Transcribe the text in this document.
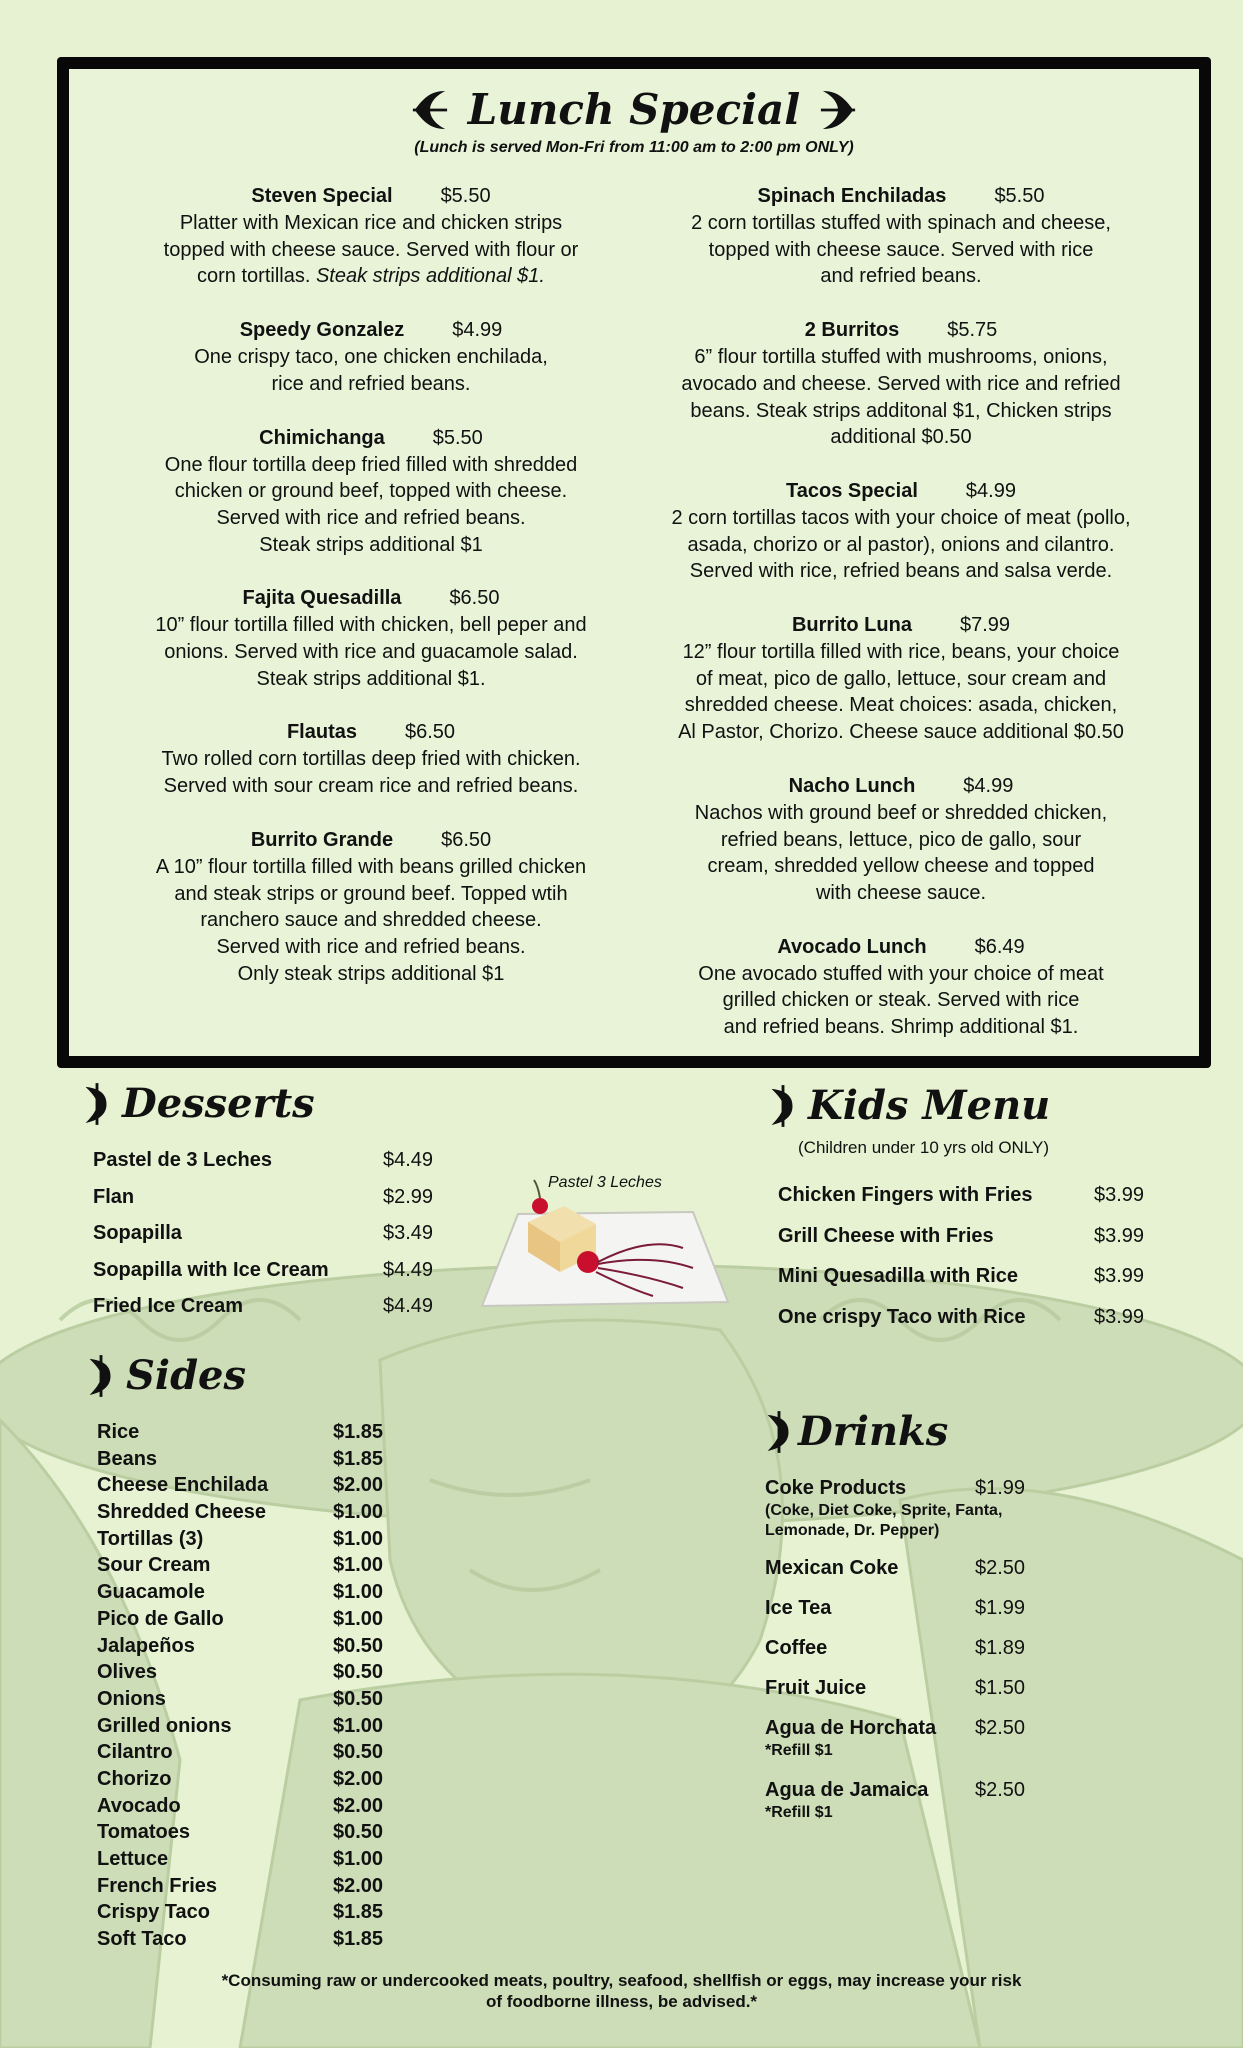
Lunch Special
(Lunch is served Mon-Fri from 11:00 am to 2:00 pm ONLY)
Steven Special $5.50
Platter with Mexican rice and chicken strips
topped with cheese sauce. Served with flour or
corn tortillas. Steak strips additional $1.
Speedy Gonzalez $4.99
One crispy taco, one chicken enchilada,
rice and refried beans.
Chimichanga $5.50
One flour tortilla deep fried filled with shredded
chicken or ground beef, topped with cheese.
Served with rice and refried beans.
Steak strips additional $1
Fajita Quesadilla $6.50
10” flour tortilla filled with chicken, bell peper and
onions. Served with rice and guacamole salad.
Steak strips additional $1.
Flautas $6.50
Two rolled corn tortillas deep fried with chicken.
Served with sour cream rice and refried beans.
Burrito Grande $6.50
A 10” flour tortilla filled with beans grilled chicken
and steak strips or ground beef. Topped wtih
ranchero sauce and shredded cheese.
Served with rice and refried beans.
Only steak strips additional $1
Spinach Enchiladas $5.50
2 corn tortillas stuffed with spinach and cheese,
topped with cheese sauce. Served with rice
and refried beans.
2 Burritos $5.75
6” flour tortilla stuffed with mushrooms, onions,
avocado and cheese. Served with rice and refried
beans. Steak strips additonal $1, Chicken strips
additional $0.50
Tacos Special $4.99
2 corn tortillas tacos with your choice of meat (pollo,
asada, chorizo or al pastor), onions and cilantro.
Served with rice, refried beans and salsa verde.
Burrito Luna $7.99
12” flour tortilla filled with rice, beans, your choice
of meat, pico de gallo, lettuce, sour cream and
shredded cheese. Meat choices: asada, chicken,
Al Pastor, Chorizo. Cheese sauce additional $0.50
Nacho Lunch $4.99
Nachos with ground beef or shredded chicken,
refried beans, lettuce, pico de gallo, sour
cream, shredded yellow cheese and topped
with cheese sauce.
Avocado Lunch $6.49
One avocado stuffed with your choice of meat
grilled chicken or steak. Served with rice
and refried beans. Shrimp additional $1.
Desserts
Pastel de 3 Leches	$4.49
Flan	$2.99
Sopapilla	$3.49
Sopapilla with Ice Cream	$4.49
Fried Ice Cream	$4.49
Pastel 3 Leches
Kids Menu
(Children under 10 yrs old ONLY)
Chicken Fingers with Fries	$3.99
Grill Cheese with Fries	$3.99
Mini Quesadilla with Rice	$3.99
One crispy Taco with Rice	$3.99
Sides
Rice	$1.85
Beans	$1.85
Cheese Enchilada	$2.00
Shredded Cheese	$1.00
Tortillas (3)	$1.00
Sour Cream	$1.00
Guacamole	$1.00
Pico de Gallo	$1.00
Jalapeños	$0.50
Olives	$0.50
Onions	$0.50
Grilled onions	$1.00
Cilantro	$0.50
Chorizo	$2.00
Avocado	$2.00
Tomatoes	$0.50
Lettuce	$1.00
French Fries	$2.00
Crispy Taco	$1.85
Soft Taco	$1.85
Drinks
Coke Products	$1.99
(Coke, Diet Coke, Sprite, Fanta,
Lemonade, Dr. Pepper)
Mexican Coke	$2.50
Ice Tea	$1.99
Coffee	$1.89
Fruit Juice	$1.50
Agua de Horchata	$2.50
*Refill $1
Agua de Jamaica	$2.50
*Refill $1
*Consuming raw or undercooked meats, poultry, seafood, shellfish or eggs, may increase your risk
of foodborne illness, be advised.*
